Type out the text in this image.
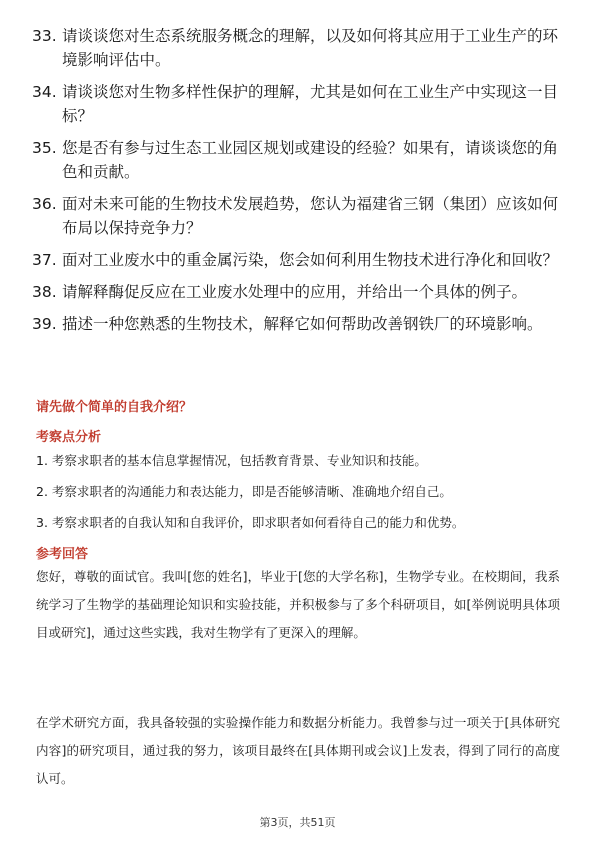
33. 请谈谈您对生态系统服务概念的理解，以及如何将其应用于工业生产的环境影响评估中。
34. 请谈谈您对生物多样性保护的理解，尤其是如何在工业生产中实现这一目标？
35. 您是否有参与过生态工业园区规划或建设的经验？如果有，请谈谈您的角色和贡献。
36. 面对未来可能的生物技术发展趋势，您认为福建省三钢（集团）应该如何布局以保持竞争力？
37. 面对工业废水中的重金属污染，您会如何利用生物技术进行净化和回收？
38. 请解释酶促反应在工业废水处理中的应用，并给出一个具体的例子。
39. 描述一种您熟悉的生物技术，解释它如何帮助改善钢铁厂的环境影响。
请先做个简单的自我介绍？
考察点分析
1. 考察求职者的基本信息掌握情况，包括教育背景、专业知识和技能。
2. 考察求职者的沟通能力和表达能力，即是否能够清晰、准确地介绍自己。
3. 考察求职者的自我认知和自我评价，即求职者如何看待自己的能力和优势。
参考回答

您好，尊敬的面试官。我叫[您的姓名]，毕业于[您的大学名称]，生物学专业。在校期间，我系统学习了生物学的基础理论知识和实验技能，并积极参与了多个科研项目，如[举例说明具体项目或研究]，通过这些实践，我对生物学有了更深入的理解。

在学术研究方面，我具备较强的实验操作能力和数据分析能力。我曾参与过一项关于[具体研究内容]的研究项目，通过我的努力，该项目最终在[具体期刊或会议]上发表，得到了同行的高度认可。

第3页，共51页
